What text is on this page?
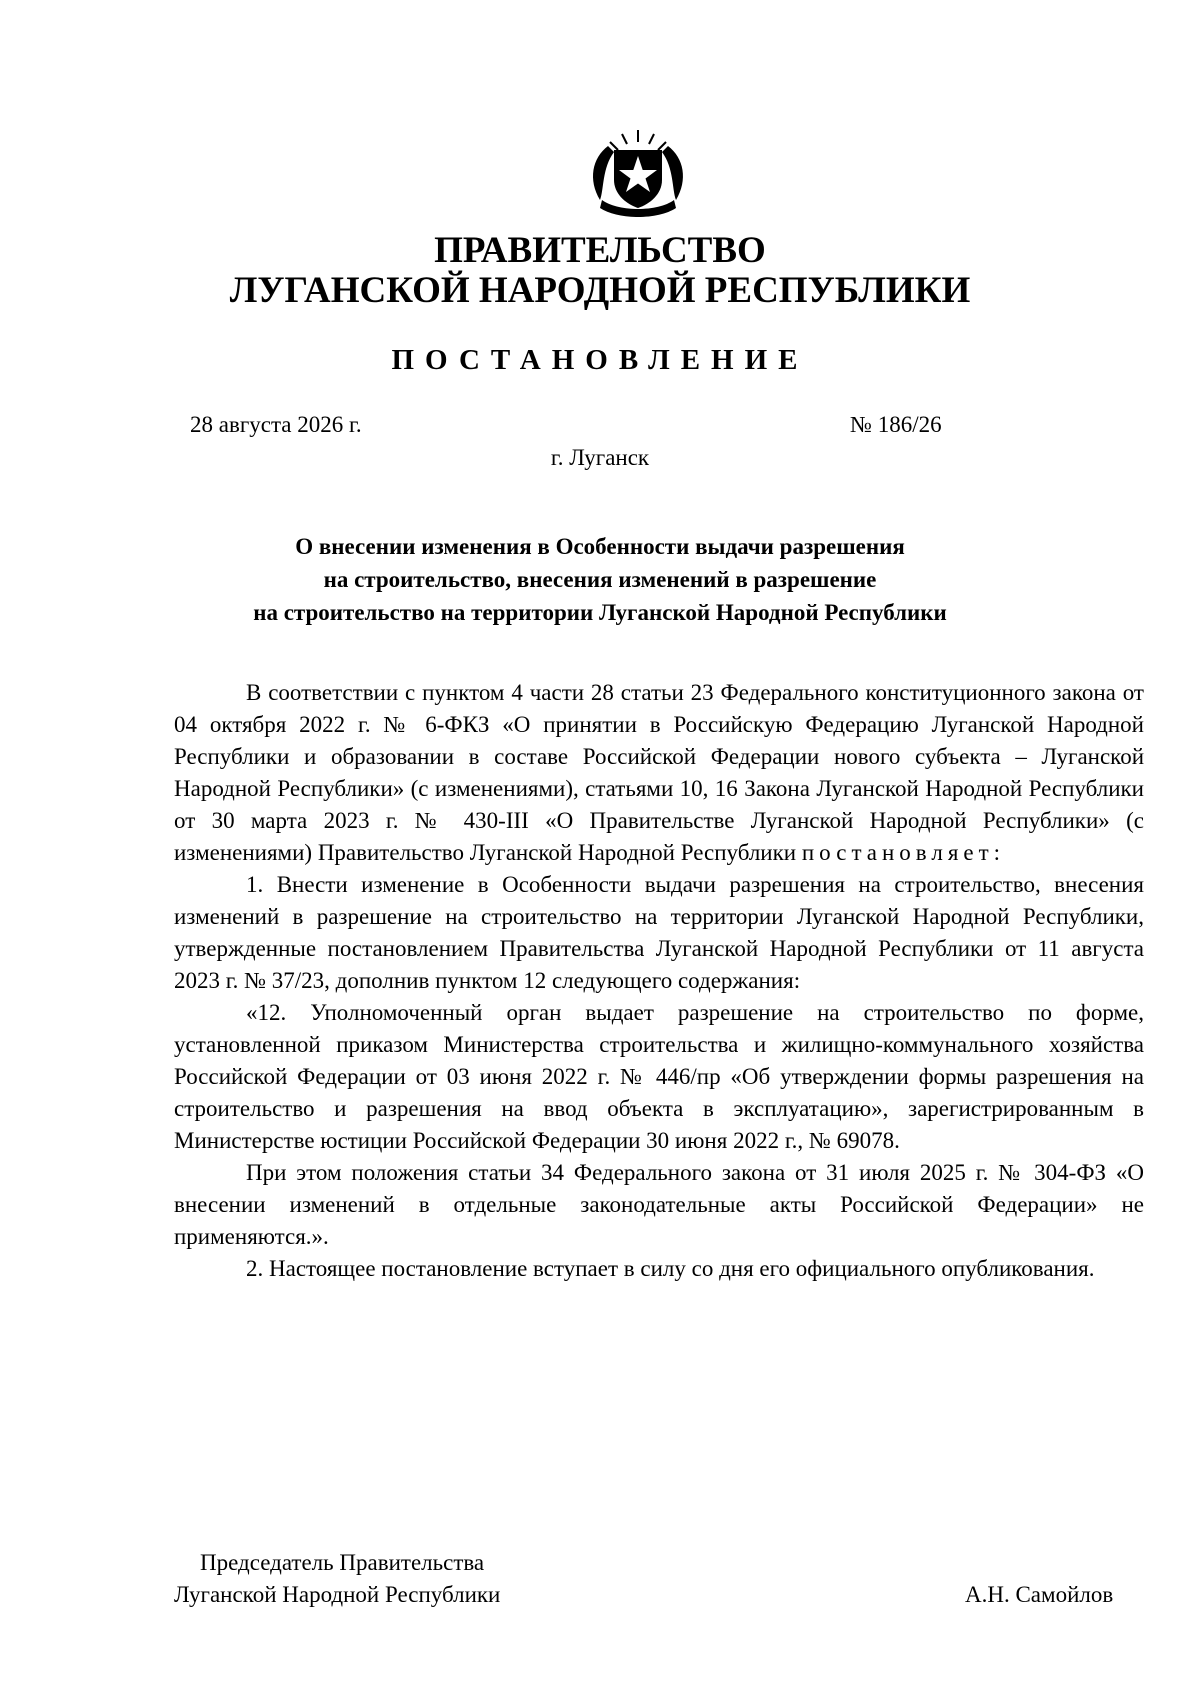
ПРАВИТЕЛЬСТВО
ЛУГАНСКОЙ НАРОДНОЙ РЕСПУБЛИКИ
ПОСТАНОВЛЕНИЕ
28 августа 2026 г.	№ 186/26
г. Луганск
О внесении изменения в Особенности выдачи разрешения
на строительство, внесения изменений в разрешение
на строительство на территории Луганской Народной Республики

В соответствии с пунктом 4 части 28 статьи 23 Федерального конституционного закона от 04 октября 2022 г. № 6-ФКЗ «О принятии в Российскую Федерацию Луганской Народной Республики и образовании в составе Российской Федерации нового субъекта – Луганской Народной Республики» (с изменениями), статьями 10, 16 Закона Луганской Народной Республики от 30 марта 2023 г. № 430-III «О Правительстве Луганской Народной Республики» (с изменениями) Правительство Луганской Народной Республики постановляет:

1. Внести изменение в Особенности выдачи разрешения на строительство, внесения изменений в разрешение на строительство на территории Луганской Народной Республики, утвержденные постановлением Правительства Луганской Народной Республики от 11 августа 2023 г. № 37/23, дополнив пунктом 12 следующего содержания:

«12. Уполномоченный орган выдает разрешение на строительство по форме, установленной приказом Министерства строительства и жилищно-коммунального хозяйства Российской Федерации от 03 июня 2022 г. № 446/пр «Об утверждении формы разрешения на строительство и разрешения на ввод объекта в эксплуатацию», зарегистрированным в Министерстве юстиции Российской Федерации 30 июня 2022 г., № 69078.

При этом положения статьи 34 Федерального закона от 31 июля 2025 г. № 304-ФЗ «О внесении изменений в отдельные законодательные акты Российской Федерации» не применяются.».

2. Настоящее постановление вступает в силу со дня его официального опубликования.

Председатель Правительства
Луганской Народной Республики	А.Н. Самойлов
